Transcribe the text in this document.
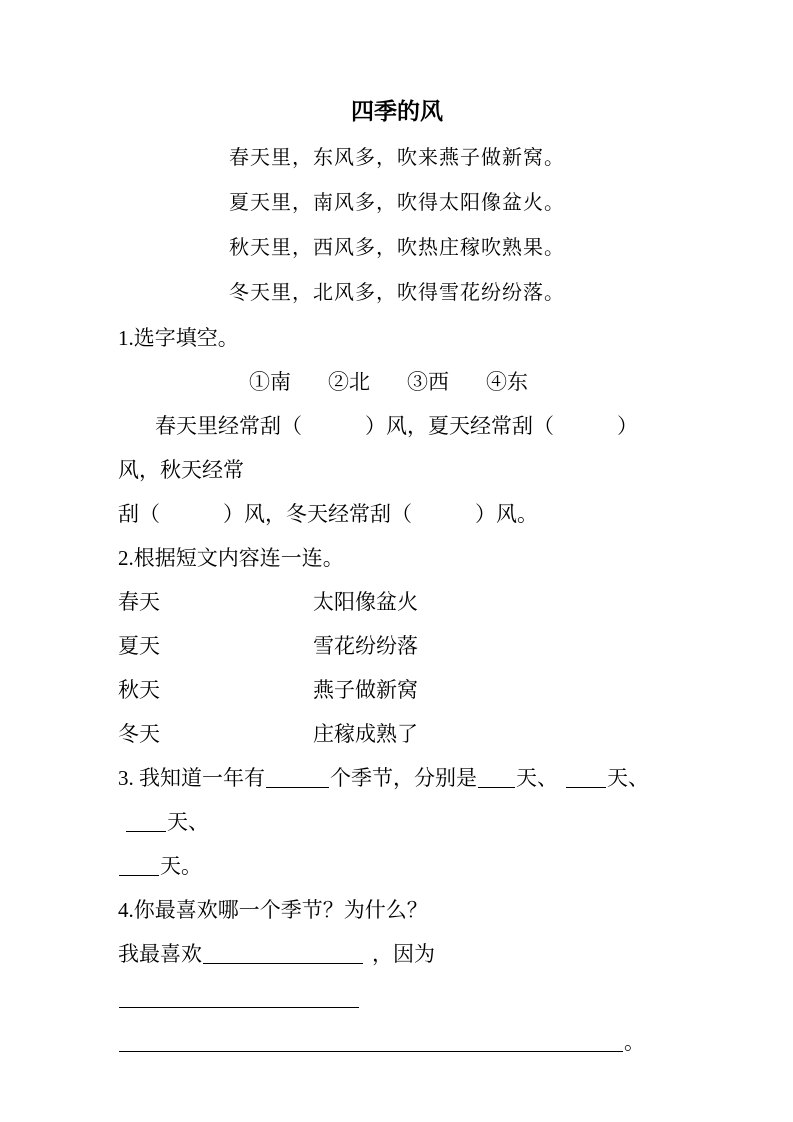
四季的风

春天里，东风多，吹来燕子做新窝。

夏天里，南风多，吹得太阳像盆火。

秋天里，西风多，吹热庄稼吹熟果。

冬天里，北风多，吹得雪花纷纷落。

1.选字填空。

①南 ②北 ③西 ④东

春天里经常刮（　　　）风，夏天经常刮（　　　）风，秋天经常

刮（　　　）风，冬天经常刮（　　　）风。

2.根据短文内容连一连。

春天	太阳像盆火
夏天	雪花纷纷落
秋天	燕子做新窝
冬天	庄稼成熟了

3. 我知道一年有	个季节，分别是 天、 天、天、

天。

4.你最喜欢哪一个季节？为什么？

我最喜欢	，因为

。
